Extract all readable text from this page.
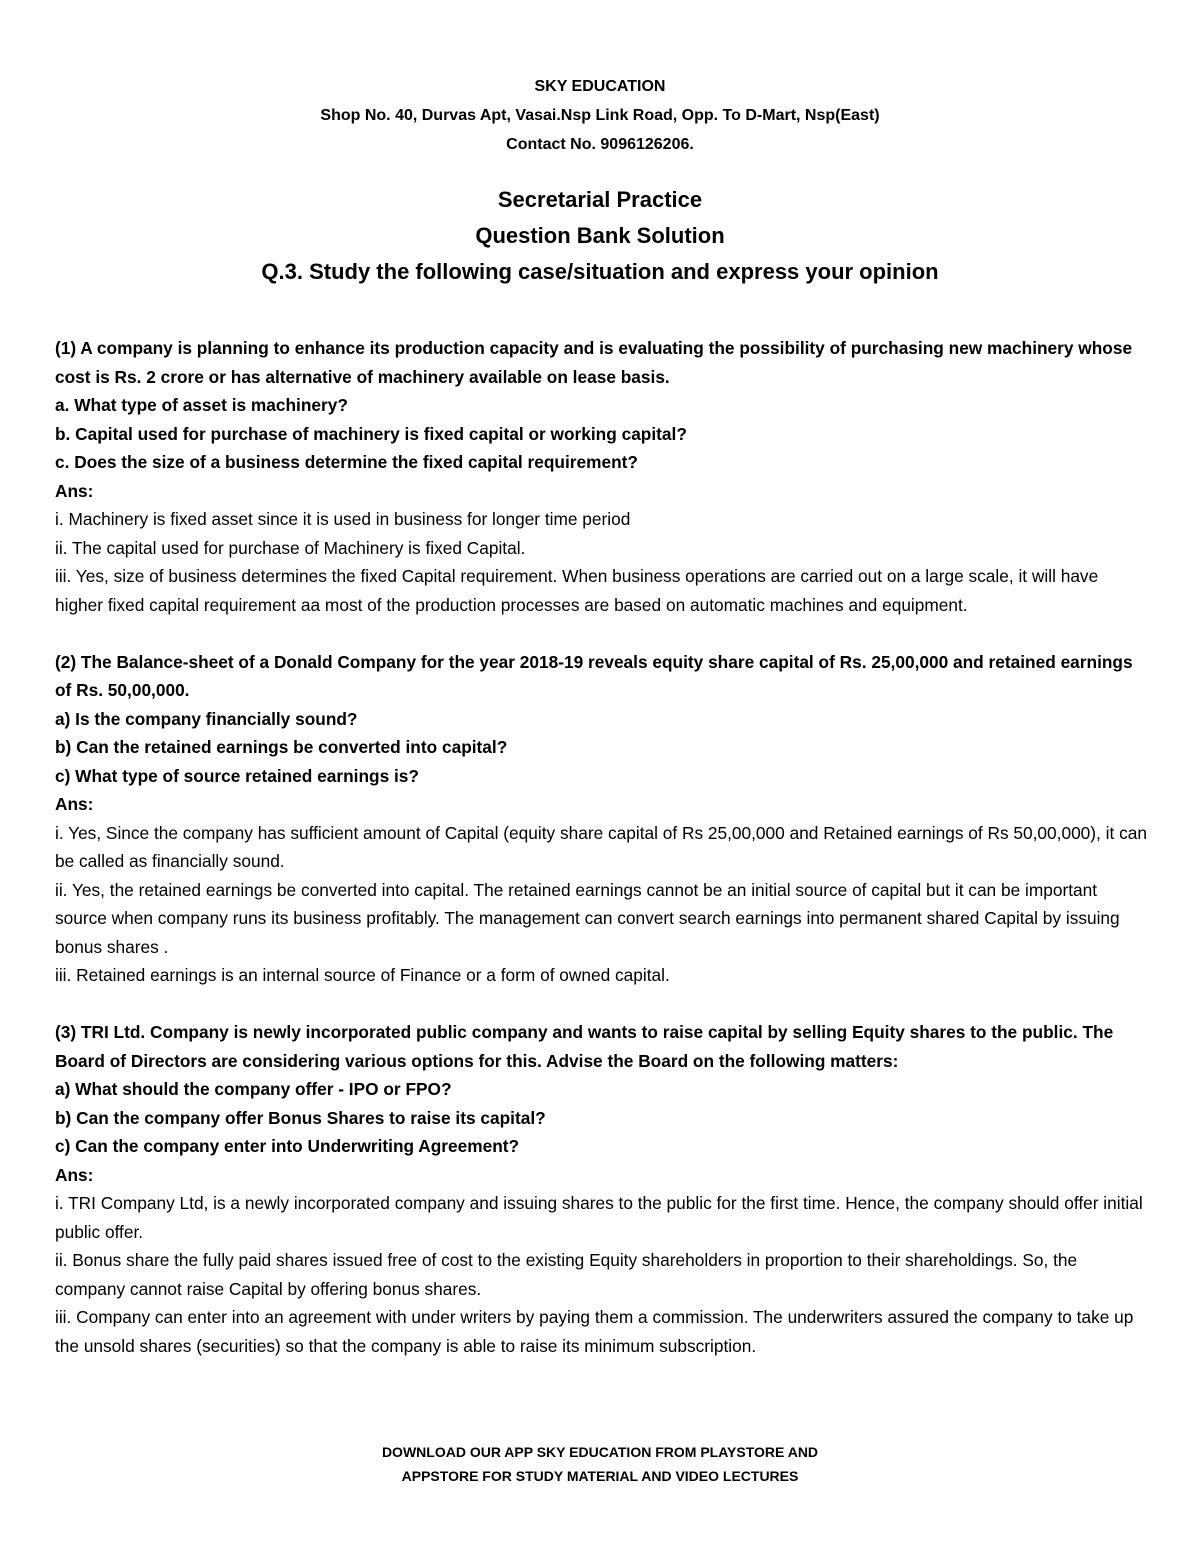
SKY EDUCATION
Shop No. 40, Durvas Apt, Vasai.Nsp Link Road, Opp. To D-Mart, Nsp(East)
Contact No. 9096126206.
Secretarial Practice
Question Bank Solution
Q.3. Study the following case/situation and express your opinion

(1) A company is planning to enhance its production capacity and is evaluating the possibility of purchasing new machinery whose cost is Rs. 2 crore or has alternative of machinery available on lease basis.

a. What type of asset is machinery?

b. Capital used for purchase of machinery is fixed capital or working capital?

c. Does the size of a business determine the fixed capital requirement?

Ans:

i. Machinery is fixed asset since it is used in business for longer time period

ii. The capital used for purchase of Machinery is fixed Capital.

iii. Yes, size of business determines the fixed Capital requirement. When business operations are carried out on a large scale, it will have higher fixed capital requirement aa most of the production processes are based on automatic machines and equipment.

(2) The Balance-sheet of a Donald Company for the year 2018-19 reveals equity share capital of Rs. 25,00,000 and retained earnings of Rs. 50,00,000.

a) Is the company financially sound?

b) Can the retained earnings be converted into capital?

c) What type of source retained earnings is?

Ans:

i. Yes, Since the company has sufficient amount of Capital (equity share capital of Rs 25,00,000 and Retained earnings of Rs 50,00,000), it can be called as financially sound.

ii. Yes, the retained earnings be converted into capital. The retained earnings cannot be an initial source of capital but it can be important source when company runs its business profitably. The management can convert search earnings into permanent shared Capital by issuing bonus shares .

iii. Retained earnings is an internal source of Finance or a form of owned capital.

(3) TRI Ltd. Company is newly incorporated public company and wants to raise capital by selling Equity shares to the public. The Board of Directors are considering various options for this. Advise the Board on the following matters:

a) What should the company offer - IPO or FPO?

b) Can the company offer Bonus Shares to raise its capital?

c) Can the company enter into Underwriting Agreement?

Ans:

i. TRI Company Ltd, is a newly incorporated company and issuing shares to the public for the first time. Hence, the company should offer initial public offer.

ii. Bonus share the fully paid shares issued free of cost to the existing Equity shareholders in proportion to their shareholdings. So, the company cannot raise Capital by offering bonus shares.

iii. Company can enter into an agreement with under writers by paying them a commission. The underwriters assured the company to take up the unsold shares (securities) so that the company is able to raise its minimum subscription.

DOWNLOAD OUR APP SKY EDUCATION FROM PLAYSTORE AND
APPSTORE FOR STUDY MATERIAL AND VIDEO LECTURES
